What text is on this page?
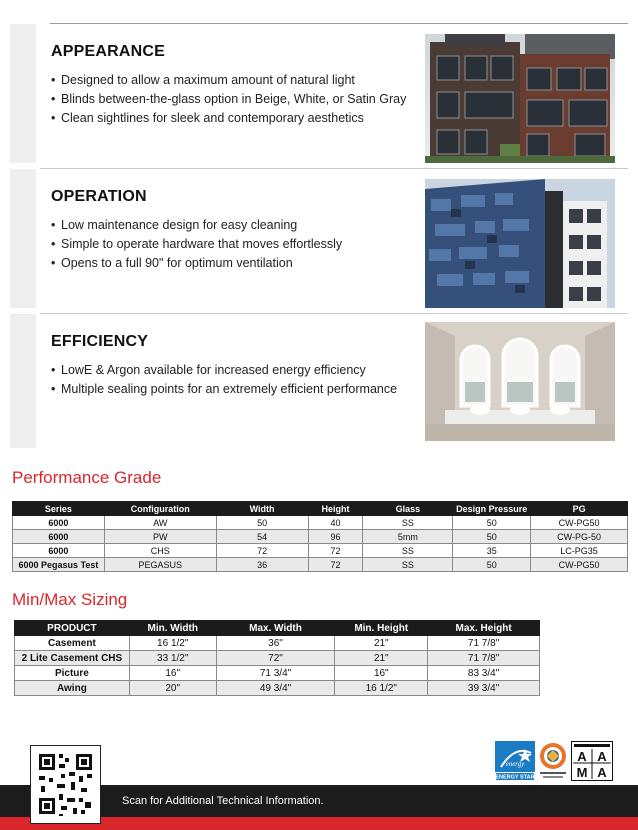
APPEARANCE
• Designed to allow a maximum amount of natural light
• Blinds between-the-glass option in Beige, White, or Satin Gray
• Clean sightlines for sleek and contemporary aesthetics
OPERATION
• Low maintenance design for easy cleaning
• Simple to operate hardware that moves effortlessly
• Opens to a full 90" for optimum ventilation
EFFICIENCY
• LowE & Argon available for increased energy efficiency
• Multiple sealing points for an extremely efficient performance
Performance Grade
Series	Configuration	Width	Height	Glass	Design Pressure	PG
6000	AW	50	40	SS	50	CW-PG50
6000	PW	54	96	5mm	50	CW-PG-50
6000	CHS	72	72	SS	35	LC-PG35
6000 Pegasus Test	PEGASUS	36	72	SS	50	CW-PG50
Min/Max Sizing
PRODUCT	Min. Width	Max. Width	Min. Height	Max. Height
Casement	16 1/2"	36"	21"	71 7/8"
2 Lite Casement CHS	33 1/2"	72"	21"	71 7/8"
Picture	16"	71 3/4"	16"	83 3/4"
Awing	20"	49 3/4"	16 1/2"	39 3/4"
Scan for Additional Technical Information.
energy
ENERGY STAR
A A
M A
